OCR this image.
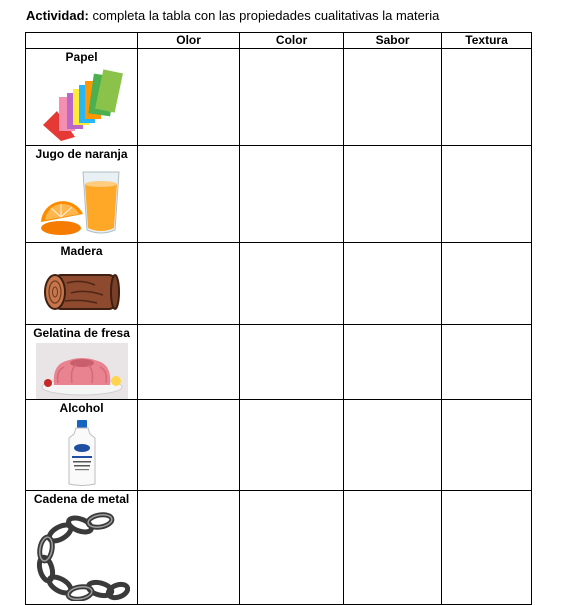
Actividad: completa la tabla con las propiedades cualitativas la materia
	Olor	Color	Sabor	Textura

Papel				

Jugo de naranja				

Madera				

Gelatina de fresa				

Alcohol				

Cadena de metal				
